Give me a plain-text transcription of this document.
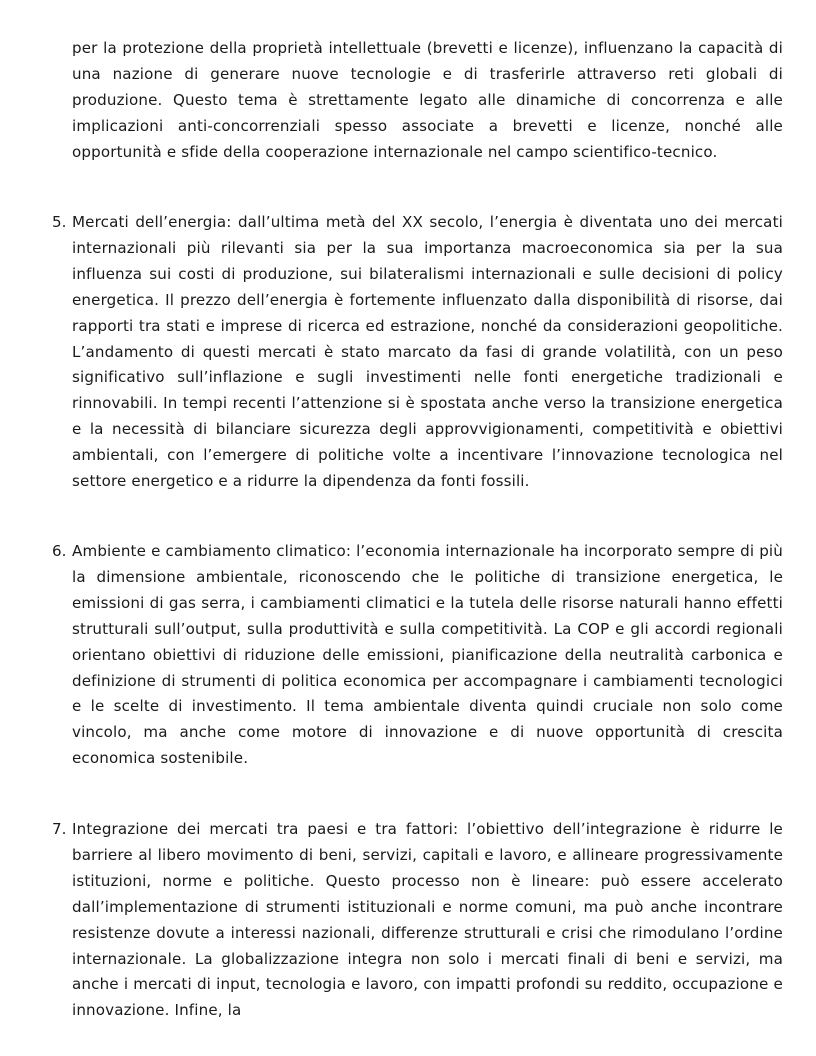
per la protezione della proprietà intellettuale (brevetti e licenze), influenzano la capacità di una nazione di generare nuove tecnologie e di trasferirle attraverso reti globali di produzione. Questo tema è strettamente legato alle dinamiche di concorrenza e alle implicazioni anti-concorrenziali spesso associate a brevetti e licenze, nonché alle opportunità e sfide della cooperazione internazionale nel campo scientifico-tecnico.

5. Mercati dell’energia: dall’ultima metà del XX secolo, l’energia è diventata uno dei mercati internazionali più rilevanti sia per la sua importanza macroeconomica sia per la sua influenza sui costi di produzione, sui bilateralismi internazionali e sulle decisioni di policy energetica. Il prezzo dell’energia è fortemente influenzato dalla disponibilità di risorse, dai rapporti tra stati e imprese di ricerca ed estrazione, nonché da considerazioni geopolitiche. L’andamento di questi mercati è stato marcato da fasi di grande volatilità, con un peso significativo sull’inflazione e sugli investimenti nelle fonti energetiche tradizionali e rinnovabili. In tempi recenti l’attenzione si è spostata anche verso la transizione energetica e la necessità di bilanciare sicurezza degli approvvigionamenti, competitività e obiettivi ambientali, con l’emergere di politiche volte a incentivare l’innovazione tecnologica nel settore energetico e a ridurre la dipendenza da fonti fossili.

6. Ambiente e cambiamento climatico: l’economia internazionale ha incorporato sempre di più la dimensione ambientale, riconoscendo che le politiche di transizione energetica, le emissioni di gas serra, i cambiamenti climatici e la tutela delle risorse naturali hanno effetti strutturali sull’output, sulla produttività e sulla competitività. La COP e gli accordi regionali orientano obiettivi di riduzione delle emissioni, pianificazione della neutralità carbonica e definizione di strumenti di politica economica per accompagnare i cambiamenti tecnologici e le scelte di investimento. Il tema ambientale diventa quindi cruciale non solo come vincolo, ma anche come motore di innovazione e di nuove opportunità di crescita economica sostenibile.

7. Integrazione dei mercati tra paesi e tra fattori: l’obiettivo dell’integrazione è ridurre le barriere al libero movimento di beni, servizi, capitali e lavoro, e allineare progressivamente istituzioni, norme e politiche. Questo processo non è lineare: può essere accelerato dall’implementazione di strumenti istituzionali e norme comuni, ma può anche incontrare resistenze dovute a interessi nazionali, differenze strutturali e crisi che rimodulano l’ordine internazionale. La globalizzazione integra non solo i mercati finali di beni e servizi, ma anche i mercati di input, tecnologia e lavoro, con impatti profondi su reddito, occupazione e innovazione. Infine, la
